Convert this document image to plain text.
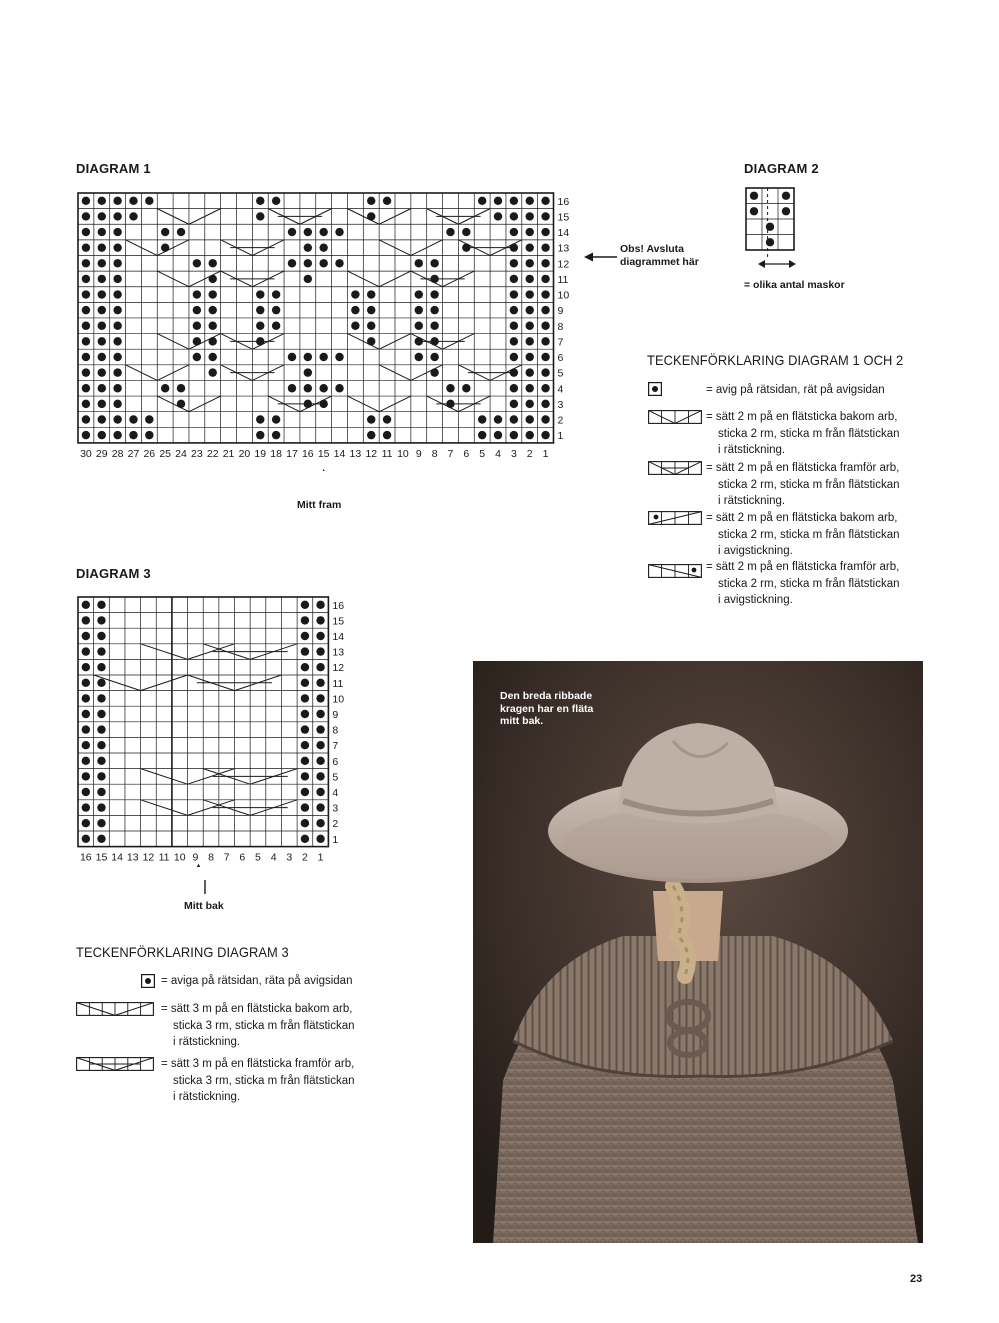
DIAGRAM 1
16
15
14
13
12
11
10
9
8
7
6
5
4
3
2
1
30 29 28 27 26 25 24 23 22 21 20 19 18 17 16 15 14 13 12 11 10 9 8 7 6 5 4 3 2 1
Mitt fram
Obs! Avsluta
diagrammet här
DIAGRAM 2
= olika antal maskor
TECKENFÖRKLARING DIAGRAM 1 OCH 2
= avig på rätsidan, rät på avigsidan
= sätt 2 m på en flätsticka bakom arb,
sticka 2 rm, sticka m från flätstickan
i rätstickning.
= sätt 2 m på en flätsticka framför arb,
sticka 2 rm, sticka m från flätstickan
i rätstickning.
= sätt 2 m på en flätsticka bakom arb,
sticka 2 rm, sticka m från flätstickan
i avigstickning.
= sätt 2 m på en flätsticka framför arb,
sticka 2 rm, sticka m från flätstickan
i avigstickning.
DIAGRAM 3
16
15
14
13
12
11
10
9
8
7
6
5
4
3
2
1
16 15 14 13 12 11 10 9 8 7 6 5 4 3 2 1
Mitt bak
TECKENFÖRKLARING DIAGRAM 3
= aviga på rätsidan, räta på avigsidan
= sätt 3 m på en flätsticka bakom arb,
sticka 3 rm, sticka m från flätstickan
i rätstickning.
= sätt 3 m på en flätsticka framför arb,
sticka 3 rm, sticka m från flätstickan
i rätstickning.
Den breda ribbade
kragen har en fläta
mitt bak.
23
